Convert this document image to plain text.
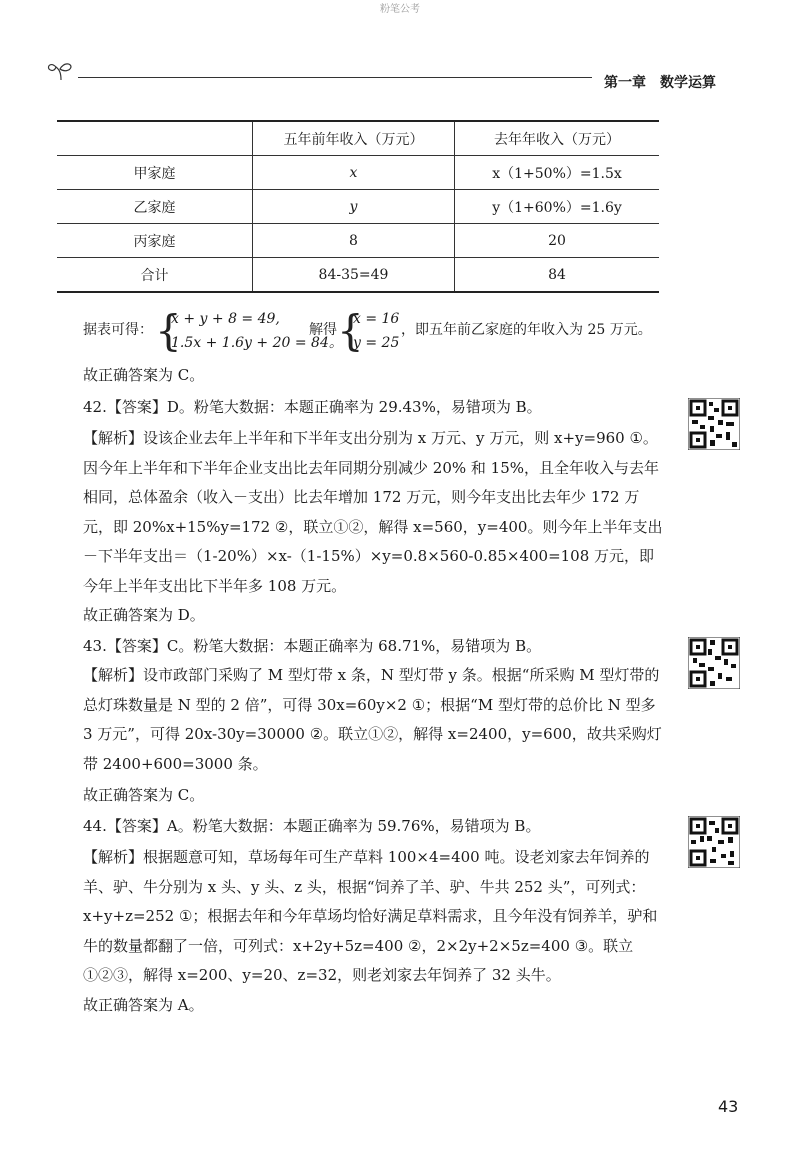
粉笔公考
第一章 数学运算
	五年前年收入（万元）	去年年收入（万元）
甲家庭	x	x（1+50%）=1.5x
乙家庭	y	y（1+60%）=1.6y
丙家庭	8	20
合计	84-35=49	84
据表可得： {
x + y + 8 = 49,
1.5x + 1.6y + 20 = 84。
解得 {
x = 16
y = 25
，即五年前乙家庭的年收入为 25 万元。
故正确答案为 C。
42.【答案】D。粉笔大数据：本题正确率为 29.43%，易错项为 B。
【解析】设该企业去年上半年和下半年支出分别为 x 万元、y 万元，则 x+y=960 ①。因今年上半年和下半年企业支出比去年同期分别减少 20% 和 15%，且全年收入与去年相同，总体盈余（收入－支出）比去年增加 172 万元，则今年支出比去年少 172 万元，即 20%x+15%y=172 ②，联立①②，解得 x=560，y=400。则今年上半年支出－下半年支出＝（1-20%）×x-（1-15%）×y=0.8×560-0.85×400=108 万元，即今年上半年支出比下半年多 108 万元。
故正确答案为 D。
43.【答案】C。粉笔大数据：本题正确率为 68.71%，易错项为 B。
【解析】设市政部门采购了 M 型灯带 x 条，N 型灯带 y 条。根据“所采购 M 型灯带的总灯珠数量是 N 型的 2 倍”，可得 30x=60y×2 ①；根据“M 型灯带的总价比 N 型多 3 万元”，可得 20x-30y=30000 ②。联立①②，解得 x=2400，y=600，故共采购灯带 2400+600=3000 条。
故正确答案为 C。
44.【答案】A。粉笔大数据：本题正确率为 59.76%，易错项为 B。
【解析】根据题意可知，草场每年可生产草料 100×4=400 吨。设老刘家去年饲养的羊、驴、牛分别为 x 头、y 头、z 头，根据“饲养了羊、驴、牛共 252 头”，可列式：x+y+z=252 ①；根据去年和今年草场均恰好满足草料需求，且今年没有饲养羊，驴和牛的数量都翻了一倍，可列式：x+2y+5z=400 ②，2×2y+2×5z=400 ③。联立①②③，解得 x=200、y=20、z=32，则老刘家去年饲养了 32 头牛。
故正确答案为 A。
43
